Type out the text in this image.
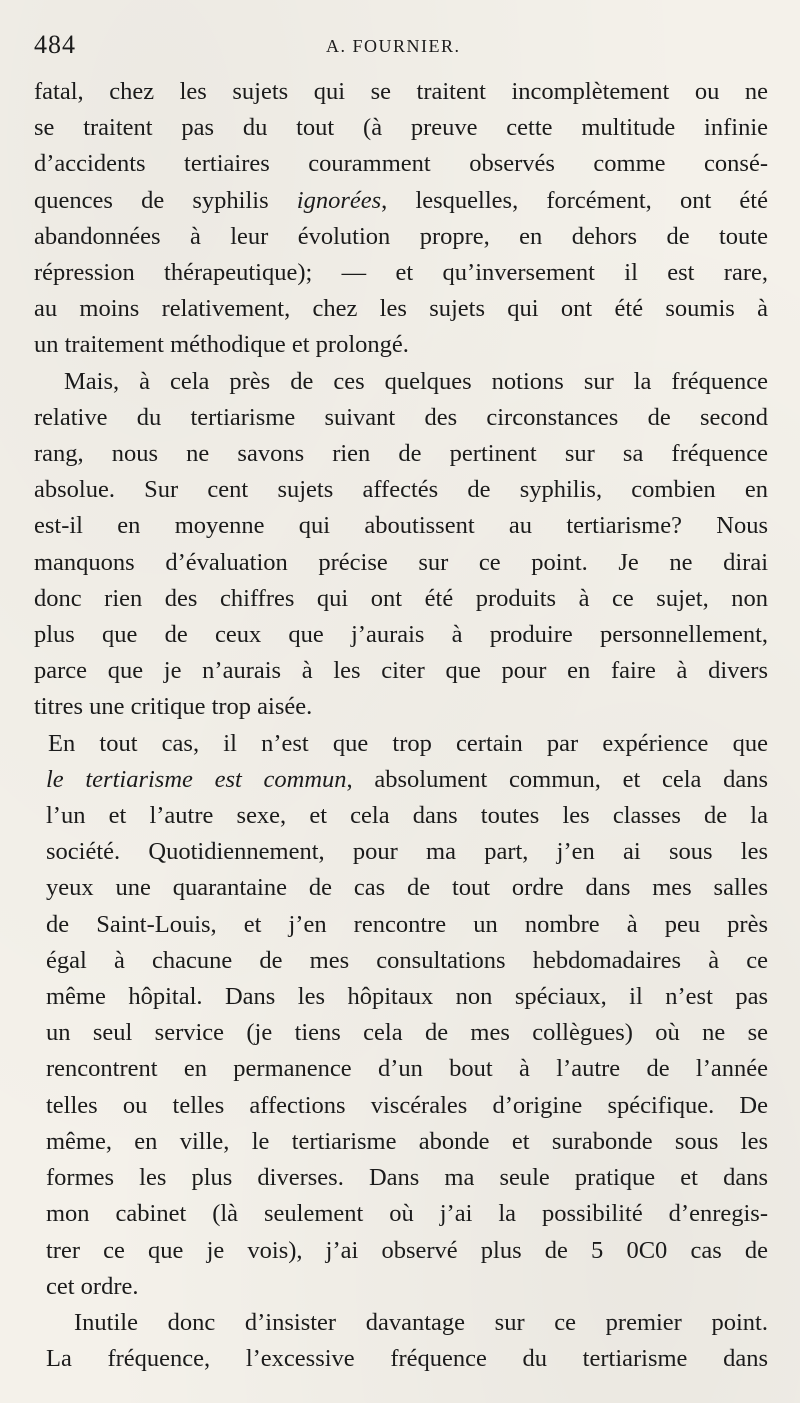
484	A. FOURNIER.
fatal, chez les sujets qui se traitent incomplètement ou ne
se traitent pas du tout (à preuve cette multitude infinie
d’accidents tertiaires couramment observés comme consé-
quences de syphilis ignorées, lesquelles, forcément, ont été
abandonnées à leur évolution propre, en dehors de toute
répression thérapeutique); — et qu’inversement il est rare,
au moins relativement, chez les sujets qui ont été soumis à
un traitement méthodique et prolongé.
Mais, à cela près de ces quelques notions sur la fréquence
relative du tertiarisme suivant des circonstances de second
rang, nous ne savons rien de pertinent sur sa fréquence
absolue. Sur cent sujets affectés de syphilis, combien en
est-il en moyenne qui aboutissent au tertiarisme? Nous
manquons d’évaluation précise sur ce point. Je ne dirai
donc rien des chiffres qui ont été produits à ce sujet, non
plus que de ceux que j’aurais à produire personnellement,
parce que je n’aurais à les citer que pour en faire à divers
titres une critique trop aisée.
En tout cas, il n’est que trop certain par expérience que
le tertiarisme est commun, absolument commun, et cela dans
l’un et l’autre sexe, et cela dans toutes les classes de la
société. Quotidiennement, pour ma part, j’en ai sous les
yeux une quarantaine de cas de tout ordre dans mes salles
de Saint-Louis, et j’en rencontre un nombre à peu près
égal à chacune de mes consultations hebdomadaires à ce
même hôpital. Dans les hôpitaux non spéciaux, il n’est pas
un seul service (je tiens cela de mes collègues) où ne se
rencontrent en permanence d’un bout à l’autre de l’année
telles ou telles affections viscérales d’origine spécifique. De
même, en ville, le tertiarisme abonde et surabonde sous les
formes les plus diverses. Dans ma seule pratique et dans
mon cabinet (là seulement où j’ai la possibilité d’enregis-
trer ce que je vois), j’ai observé plus de 5 0C0 cas de
cet ordre.
Inutile donc d’insister davantage sur ce premier point.
La fréquence, l’excessive fréquence du tertiarisme dans
